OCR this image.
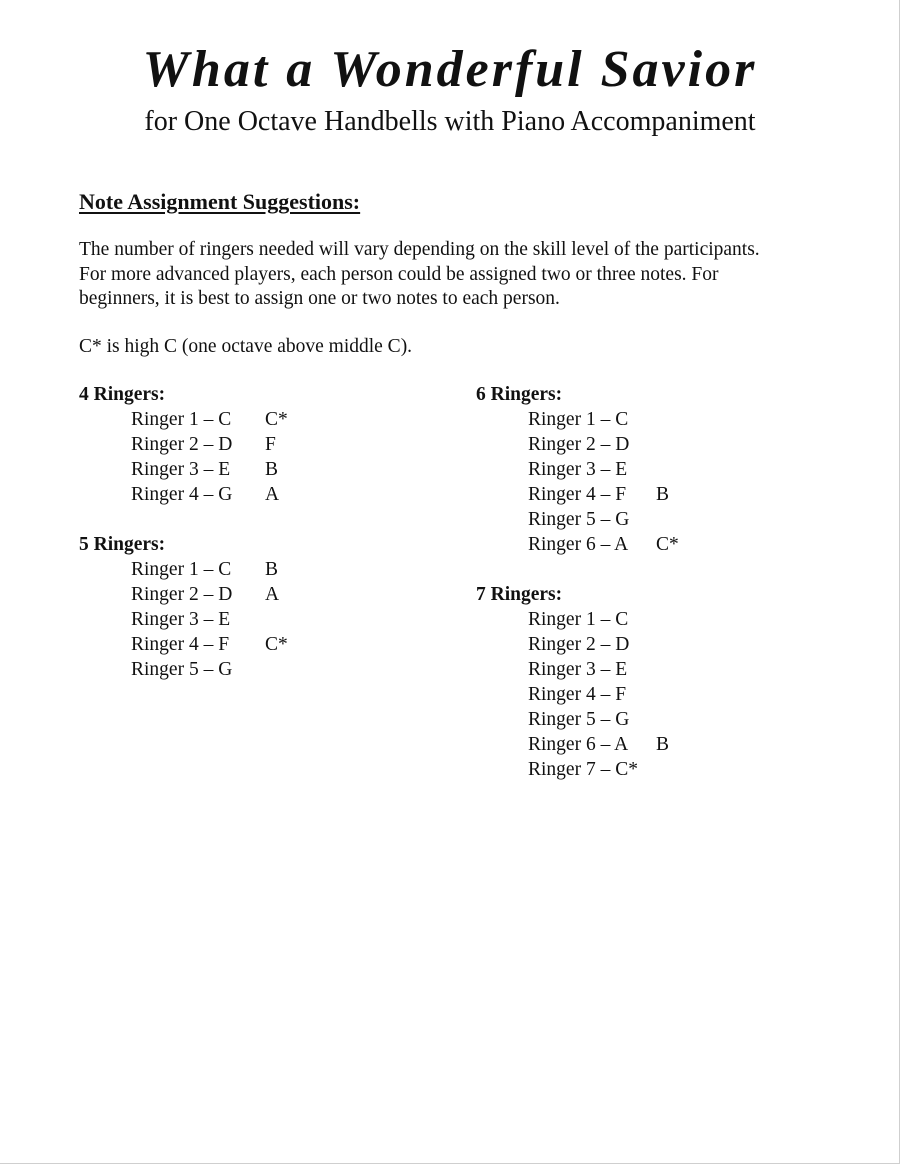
What a Wonderful Savior
for One Octave Handbells with Piano Accompaniment
Note Assignment Suggestions:

The number of ringers needed will vary depending on the skill level of the participants.

For more advanced players, each person could be assigned two or three notes. For

beginners, it is best to assign one or two notes to each person.

C* is high C (one octave above middle C).
4 Ringers:
Ringer 1 – C	C*
Ringer 2 – D	F
Ringer 3 – E	B
Ringer 4 – G	A
5 Ringers:
Ringer 1 – C	B
Ringer 2 – D	A
Ringer 3 – E
Ringer 4 – F	C*
Ringer 5 – G
6 Ringers:
Ringer 1 – C
Ringer 2 – D
Ringer 3 – E
Ringer 4 – F	B
Ringer 5 – G
Ringer 6 – A	C*
7 Ringers:
Ringer 1 – C
Ringer 2 – D
Ringer 3 – E
Ringer 4 – F
Ringer 5 – G
Ringer 6 – A	B
Ringer 7 – C*
